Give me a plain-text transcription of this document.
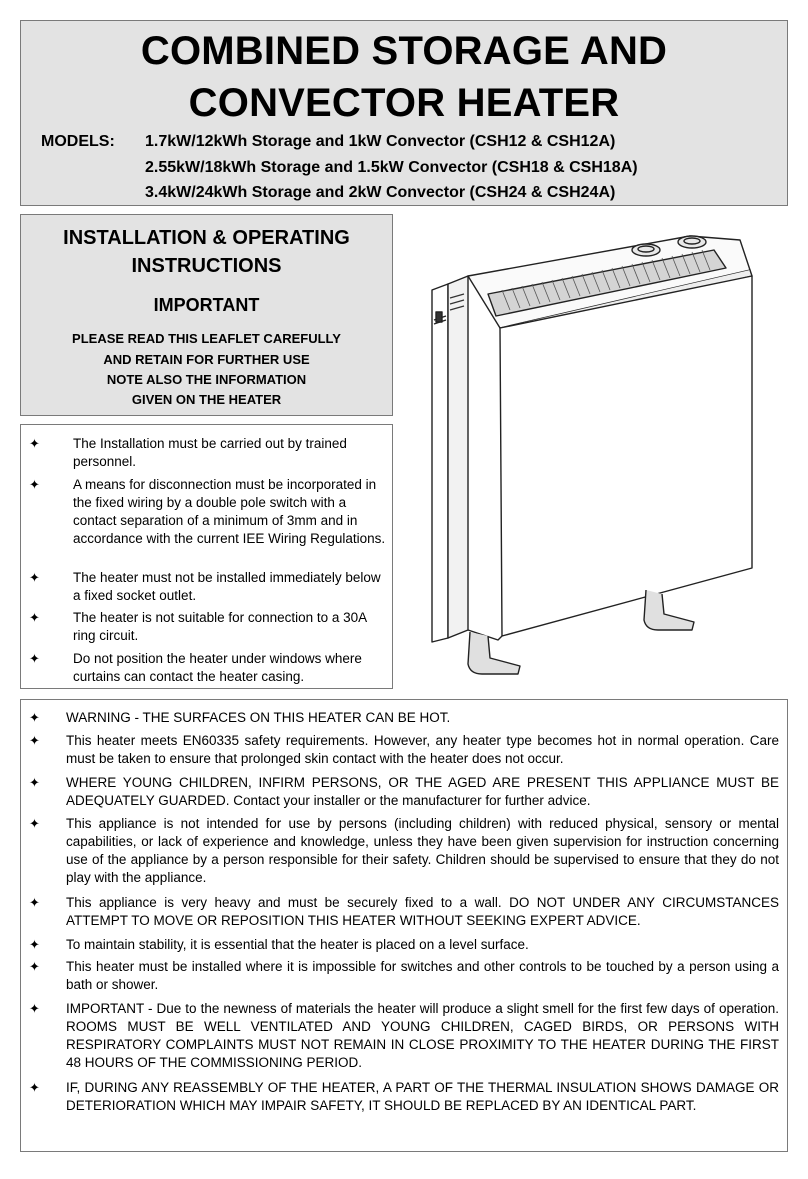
COMBINED STORAGE AND
CONVECTOR HEATER
MODELS: 1.7kW/12kWh Storage and 1kW Convector (CSH12 & CSH12A)
2.55kW/18kWh Storage and 1.5kW Convector (CSH18 & CSH18A)
3.4kW/24kWh Storage and 2kW Convector (CSH24 & CSH24A)
INSTALLATION & OPERATING
INSTRUCTIONS
IMPORTANT
PLEASE READ THIS LEAFLET CAREFULLY
AND RETAIN FOR FURTHER USE
NOTE ALSO THE INFORMATION
GIVEN ON THE HEATER
✦	The Installation must be carried out by trained personnel.
✦	A means for disconnection must be incorporated in the fixed wiring by a double pole switch with a contact separation of a minimum of 3mm and in accordance with the current IEE Wiring Regulations.
✦	The heater must not be installed immediately below a fixed socket outlet.
✦	The heater is not suitable for connection to a 30A ring circuit.
✦	Do not position the heater under windows where curtains can contact the heater casing.
✦	WARNING - THE SURFACES ON THIS HEATER CAN BE HOT.
✦	This heater meets EN60335 safety requirements. However, any heater type becomes hot in normal operation. Care must be taken to ensure that prolonged skin contact with the heater does not occur.
✦	WHERE YOUNG CHILDREN, INFIRM PERSONS, OR THE AGED ARE PRESENT THIS APPLIANCE MUST BE ADEQUATELY GUARDED. Contact your installer or the manufacturer for further advice.
✦	This appliance is not intended for use by persons (including children) with reduced physical, sensory or mental capabilities, or lack of experience and knowledge, unless they have been given supervision for instruction concerning use of the appliance by a person responsible for their safety. Children should be supervised to ensure that they do not play with the appliance.
✦	This appliance is very heavy and must be securely fixed to a wall. DO NOT UNDER ANY CIRCUMSTANCES ATTEMPT TO MOVE OR REPOSITION THIS HEATER WITHOUT SEEKING EXPERT ADVICE.
✦	To maintain stability, it is essential that the heater is placed on a level surface.
✦	This heater must be installed where it is impossible for switches and other controls to be touched by a person using a bath or shower.
✦	IMPORTANT - Due to the newness of materials the heater will produce a slight smell for the first few days of operation. ROOMS MUST BE WELL VENTILATED AND YOUNG CHILDREN, CAGED BIRDS, OR PERSONS WITH RESPIRATORY COMPLAINTS MUST NOT REMAIN IN CLOSE PROXIMITY TO THE HEATER DURING THE FIRST 48 HOURS OF THE COMMISSIONING PERIOD.
✦	IF, DURING ANY REASSEMBLY OF THE HEATER, A PART OF THE THERMAL INSULATION SHOWS DAMAGE OR DETERIORATION WHICH MAY IMPAIR SAFETY, IT SHOULD BE REPLACED BY AN IDENTICAL PART.
